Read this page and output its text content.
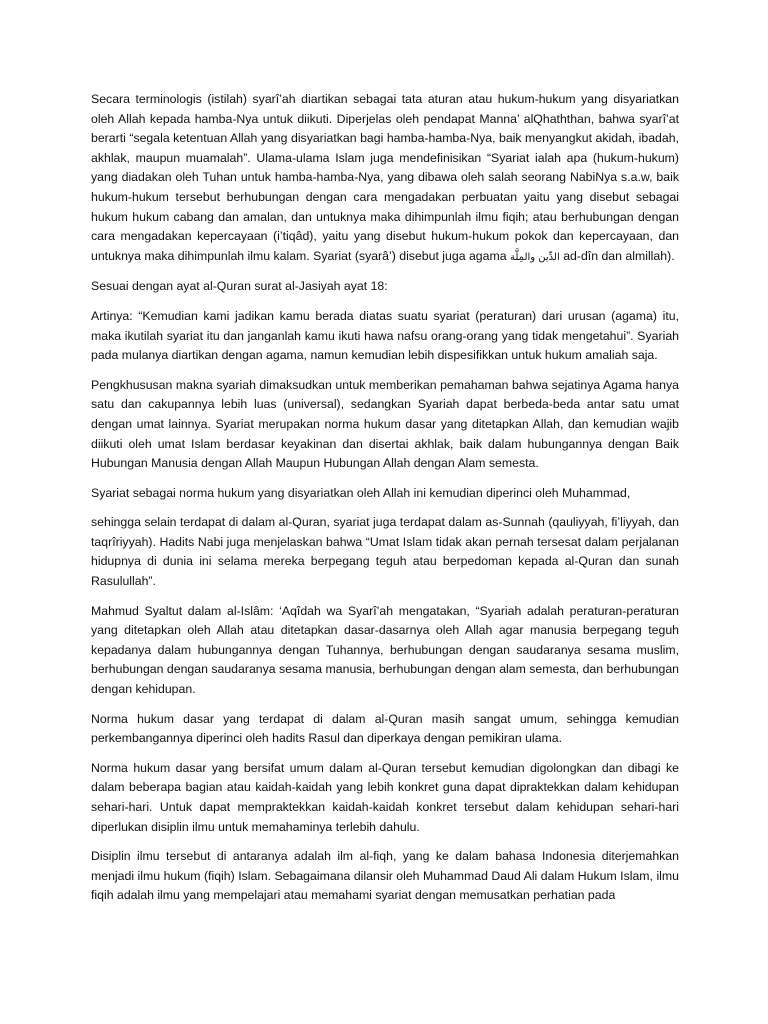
Secara terminologis (istilah) syarî’ah diartikan sebagai tata aturan atau hukum-hukum yang disyariatkan oleh Allah kepada hamba-Nya untuk diikuti. Diperjelas oleh pendapat Manna’ alQhaththan, bahwa syarî’at berarti “segala ketentuan Allah yang disyariatkan bagi hamba-hamba-Nya, baik menyangkut akidah, ibadah, akhlak, maupun muamalah”. Ulama-ulama Islam juga mendefinisikan “Syariat ialah apa (hukum-hukum) yang diadakan oleh Tuhan untuk hamba-hamba-Nya, yang dibawa oleh salah seorang NabiNya s.a.w, baik hukum-hukum tersebut berhubungan dengan cara mengadakan perbuatan yaitu yang disebut sebagai hukum hukum cabang dan amalan, dan untuknya maka dihimpunlah ilmu fiqih; atau berhubungan dengan cara mengadakan kepercayaan (i’tiqâd), yaitu yang disebut hukum-hukum pokok dan kepercayaan, dan untuknya maka dihimpunlah ilmu kalam. Syariat (syarâ’) disebut juga agama الدِّين والمِلَّة ad-dîn dan almillah).

Sesuai dengan ayat al-Quran surat al-Jasiyah ayat 18:

Artinya: “Kemudian kami jadikan kamu berada diatas suatu syariat (peraturan) dari urusan (agama) itu, maka ikutilah syariat itu dan janganlah kamu ikuti hawa nafsu orang-orang yang tidak mengetahui”. Syariah pada mulanya diartikan dengan agama, namun kemudian lebih dispesifikkan untuk hukum amaliah saja.

Pengkhususan makna syariah dimaksudkan untuk memberikan pemahaman bahwa sejatinya Agama hanya satu dan cakupannya lebih luas (universal), sedangkan Syariah dapat berbeda-beda antar satu umat dengan umat lainnya. Syariat merupakan norma hukum dasar yang ditetapkan Allah, dan kemudian wajib diikuti oleh umat Islam berdasar keyakinan dan disertai akhlak, baik dalam hubungannya dengan Baik Hubungan Manusia dengan Allah Maupun Hubungan Allah dengan Alam semesta.

Syariat sebagai norma hukum yang disyariatkan oleh Allah ini kemudian diperinci oleh Muhammad,

sehingga selain terdapat di dalam al-Quran, syariat juga terdapat dalam as-Sunnah (qauliyyah, fi’liyyah, dan taqrîriyyah). Hadits Nabi juga menjelaskan bahwa “Umat Islam tidak akan pernah tersesat dalam perjalanan hidupnya di dunia ini selama mereka berpegang teguh atau berpedoman kepada al-Quran dan sunah Rasulullah”.

Mahmud Syaltut dalam al-Islâm: ‘Aqîdah wa Syarî’ah mengatakan, “Syariah adalah peraturan-peraturan yang ditetapkan oleh Allah atau ditetapkan dasar-dasarnya oleh Allah agar manusia berpegang teguh kepadanya dalam hubungannya dengan Tuhannya, berhubungan dengan saudaranya sesama muslim, berhubungan dengan saudaranya sesama manusia, berhubungan dengan alam semesta, dan berhubungan dengan kehidupan.

Norma hukum dasar yang terdapat di dalam al-Quran masih sangat umum, sehingga kemudian perkembangannya diperinci oleh hadits Rasul dan diperkaya dengan pemikiran ulama.

Norma hukum dasar yang bersifat umum dalam al-Quran tersebut kemudian digolongkan dan dibagi ke dalam beberapa bagian atau kaidah-kaidah yang lebih konkret guna dapat dipraktekkan dalam kehidupan sehari-hari. Untuk dapat mempraktekkan kaidah-kaidah konkret tersebut dalam kehidupan sehari-hari diperlukan disiplin ilmu untuk memahaminya terlebih dahulu.

Disiplin ilmu tersebut di antaranya adalah ilm al-fiqh, yang ke dalam bahasa Indonesia diterjemahkan menjadi ilmu hukum (fiqih) Islam. Sebagaimana dilansir oleh Muhammad Daud Ali dalam Hukum Islam, ilmu fiqih adalah ilmu yang mempelajari atau memahami syariat dengan memusatkan perhatian pada
